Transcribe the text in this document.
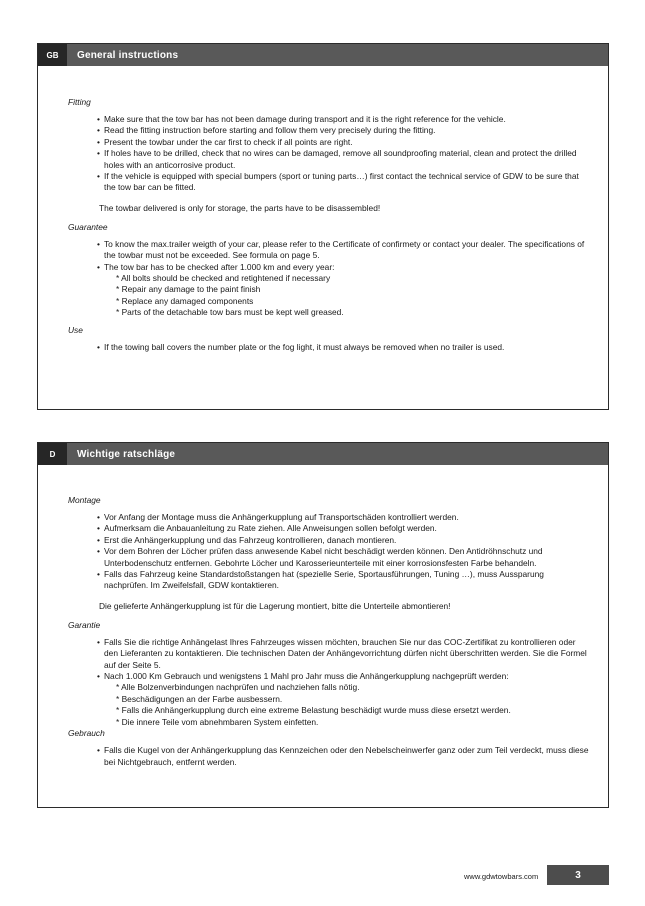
GB	General instructions
Fitting
• Make sure that the tow bar has not been damage during transport and it is the right reference for the vehicle.
• Read the fitting instruction before starting and follow them very precisely during the fitting.
• Present the towbar under the car first to check if all points are right.
• If holes have to be drilled, check that no wires can be damaged, remove all soundproofing material, clean and protect the drilled holes with an anticorrosive product.
• If the vehicle is equipped with special bumpers (sport or tuning parts…) first contact the technical service of GDW to be sure that the tow bar can be fitted.
The towbar delivered is only for storage, the parts have to be disassembled!
Guarantee
• To know the max.trailer weigth of your car, please refer to the Certificate of confirmety or contact your dealer. The specifications of the towbar must not be exceeded. See formula on page 5.
• The tow bar has to be checked after 1.000 km and every year:
* All bolts should be checked and retightened if necessary
* Repair any damage to the paint finish
* Replace any damaged components
* Parts of the detachable tow bars must be kept well greased.
Use
• If the towing ball covers the number plate or the fog light, it must always be removed when no trailer is used.
D	Wichtige ratschläge
Montage
• Vor Anfang der Montage muss die Anhängerkupplung auf Transportschäden kontrolliert werden.
• Aufmerksam die Anbauanleitung zu Rate ziehen. Alle Anweisungen sollen befolgt werden.
• Erst die Anhängerkupplung und das Fahrzeug kontrollieren, danach montieren.
• Vor dem Bohren der Löcher prüfen dass anwesende Kabel nicht beschädigt werden können. Den Antidröhnschutz und Unterbodenschutz entfernen. Gebohrte Löcher und Karosserieunterteile mit einer korrosionsfesten Farbe behandeln.
• Falls das Fahrzeug keine Standardstoßstangen hat (spezielle Serie, Sportausführungen, Tuning …), muss Aussparung nachprüfen. Im Zweifelsfall, GDW kontaktieren.
Die gelieferte Anhängerkupplung ist für die Lagerung montiert, bitte die Unterteile abmontieren!
Garantie
• Falls Sie die richtige Anhängelast Ihres Fahrzeuges wissen möchten, brauchen Sie nur das COC-Zertifikat zu kontrollieren oder den Lieferanten zu kontaktieren. Die technischen Daten der Anhängevorrichtung dürfen nicht überschritten werden. Sie die Formel auf der Seite 5.
• Nach 1.000 Km Gebrauch und wenigstens 1 Mahl pro Jahr muss die Anhängerkupplung nachgeprüft werden:
* Alle Bolzenverbindungen nachprüfen und nachziehen falls nötig.
* Beschädigungen an der Farbe ausbessern.
* Falls die Anhängerkupplung durch eine extreme Belastung beschädigt wurde muss diese ersetzt werden.
* Die innere Teile vom abnehmbaren System einfetten.
Gebrauch
• Falls die Kugel von der Anhängerkupplung das Kennzeichen oder den Nebelscheinwerfer ganz oder zum Teil verdeckt, muss diese bei Nichtgebrauch, entfernt werden.
www.gdwtowbars.com	3
